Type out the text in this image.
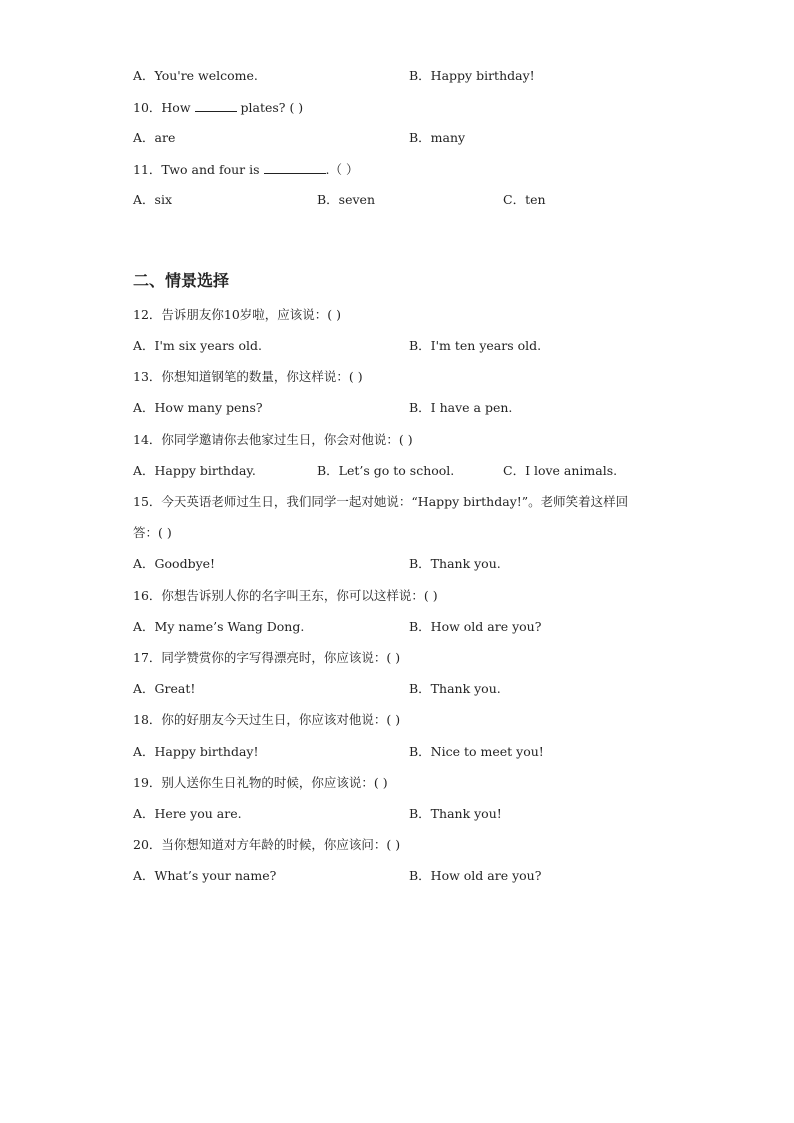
A．You're welcome.	B．Happy birthday!
10．How	plates? ( )
A．are	B．many
11．Two and four is	.（ ）
A．six	B．seven	C．ten
二、情景选择
12．告诉朋友你10岁啦，应该说：( )
A．I'm six years old.	B．I'm ten years old.
13．你想知道钢笔的数量，你这样说：( )
A．How many pens?	B．I have a pen.
14．你同学邀请你去他家过生日，你会对他说：( )
A．Happy birthday.	B．Let’s go to school.	C．I love animals.
15．今天英语老师过生日，我们同学一起对她说：“Happy birthday!”。老师笑着这样回
答：( )
A．Goodbye!	B．Thank you.
16．你想告诉别人你的名字叫王东，你可以这样说：( )
A．My name’s Wang Dong.	B．How old are you?
17．同学赞赏你的字写得漂亮时，你应该说：( )
A．Great!	B．Thank you.
18．你的好朋友今天过生日，你应该对他说：( )
A．Happy birthday!	B．Nice to meet you!
19．别人送你生日礼物的时候，你应该说：( )
A．Here you are.	B．Thank you!
20．当你想知道对方年龄的时候，你应该问：( )
A．What’s your name?	B．How old are you?
